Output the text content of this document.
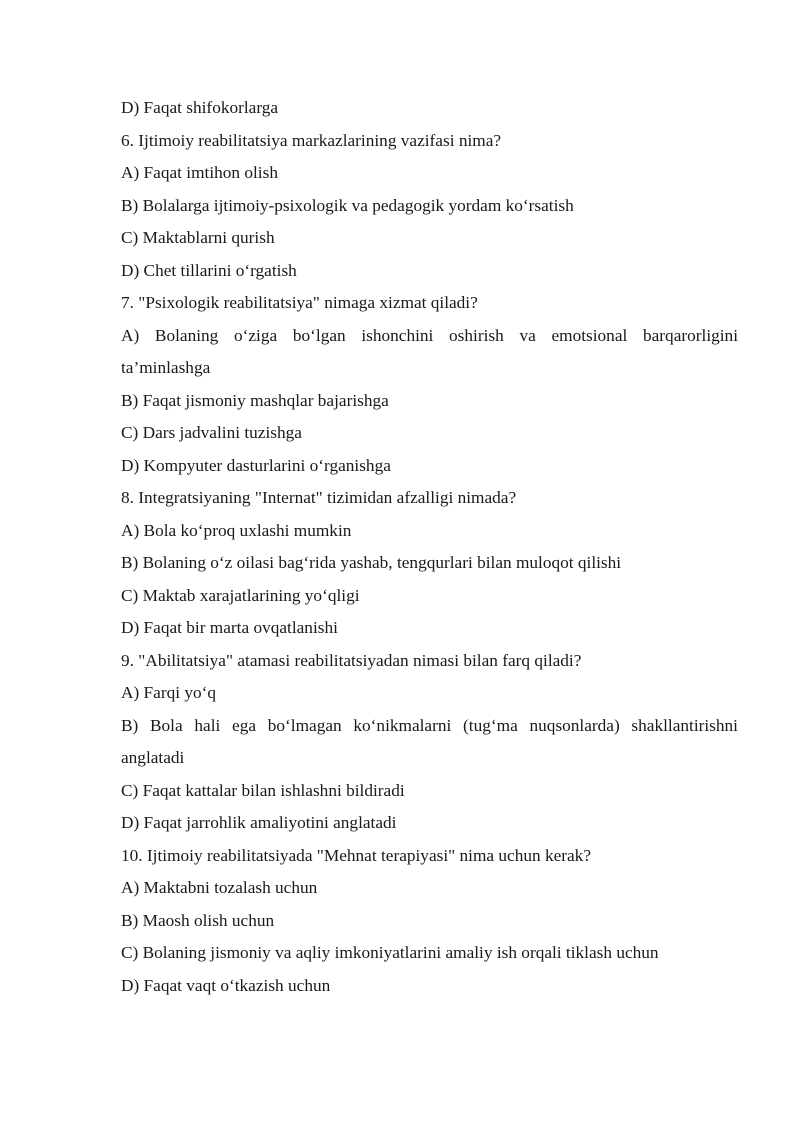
D) Faqat shifokorlarga

6. Ijtimoiy reabilitatsiya markazlarining vazifasi nima?

A) Faqat imtihon olish

B) Bolalarga ijtimoiy-psixologik va pedagogik yordam ko‘rsatish

C) Maktablarni qurish

D) Chet tillarini o‘rgatish

7. "Psixologik reabilitatsiya" nimaga xizmat qiladi?

A) Bolaning o‘ziga bo‘lgan ishonchini oshirish va emotsional barqarorligini ta’minlashga

B) Faqat jismoniy mashqlar bajarishga

C) Dars jadvalini tuzishga

D) Kompyuter dasturlarini o‘rganishga

8. Integratsiyaning "Internat" tizimidan afzalligi nimada?

A) Bola ko‘proq uxlashi mumkin

B) Bolaning o‘z oilasi bag‘rida yashab, tengqurlari bilan muloqot qilishi

C) Maktab xarajatlarining yo‘qligi

D) Faqat bir marta ovqatlanishi

9. "Abilitatsiya" atamasi reabilitatsiyadan nimasi bilan farq qiladi?

A) Farqi yo‘q

B) Bola hali ega bo‘lmagan ko‘nikmalarni (tug‘ma nuqsonlarda) shakllantirishni anglatadi

C) Faqat kattalar bilan ishlashni bildiradi

D) Faqat jarrohlik amaliyotini anglatadi

10. Ijtimoiy reabilitatsiyada "Mehnat terapiyasi" nima uchun kerak?

A) Maktabni tozalash uchun

B) Maosh olish uchun

C) Bolaning jismoniy va aqliy imkoniyatlarini amaliy ish orqali tiklash uchun

D) Faqat vaqt o‘tkazish uchun
